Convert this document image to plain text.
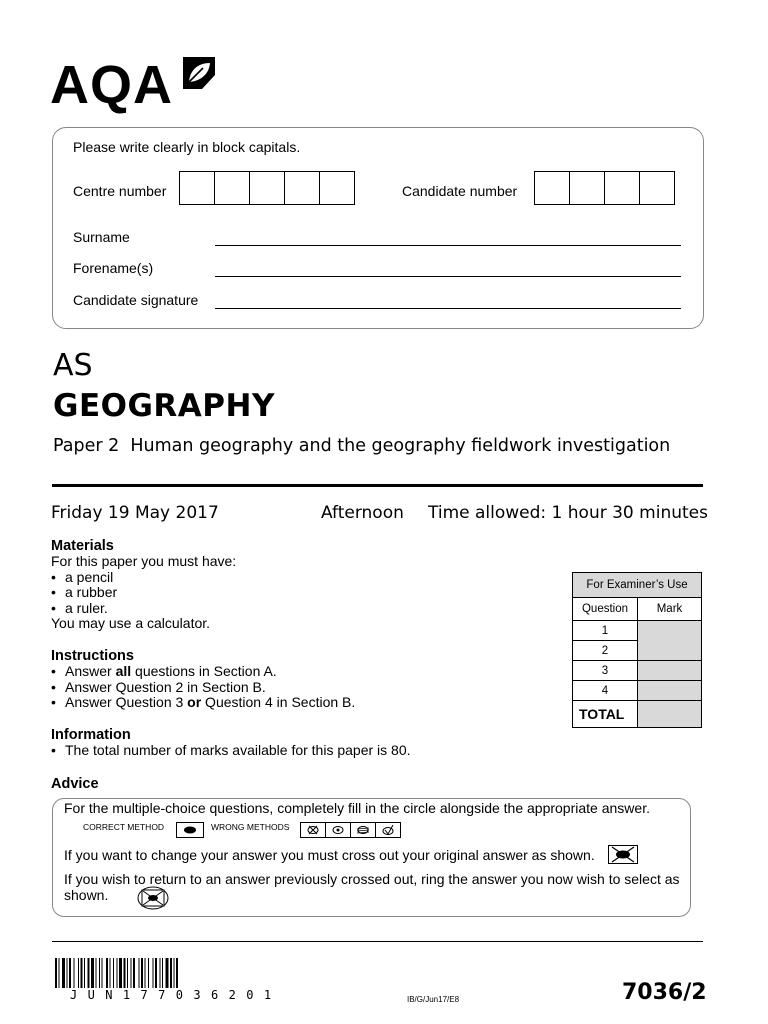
AQA
Please write clearly in block capitals.
Centre number	Candidate number
Surname
Forename(s)
Candidate signature
AS
GEOGRAPHY
Paper 2  Human geography and the geography fieldwork investigation
Friday 19 May 2017	Afternoon Time allowed: 1 hour 30 minutes
Materials
For this paper you must have:
• a pencil
• a rubber
• a ruler.
You may use a calculator.
Instructions
• Answer all questions in Section A.
• Answer Question 2 in Section B.
• Answer Question 3 or Question 4 in Section B.
Information
• The total number of marks available for this paper is 80.
Advice
For the multiple-choice questions, completely fill in the circle alongside the appropriate answer.
CORRECT METHOD	WRONG METHODS
If you want to change your answer you must cross out your original answer as shown.
If you wish to return to an answer previously crossed out, ring the answer you now wish to select as shown.
For Examiner’s Use	
Question	Mark
1	
2	
3	
4	
TOTAL	
JUN177036201	IB/G/Jun17/E8	7036/2
